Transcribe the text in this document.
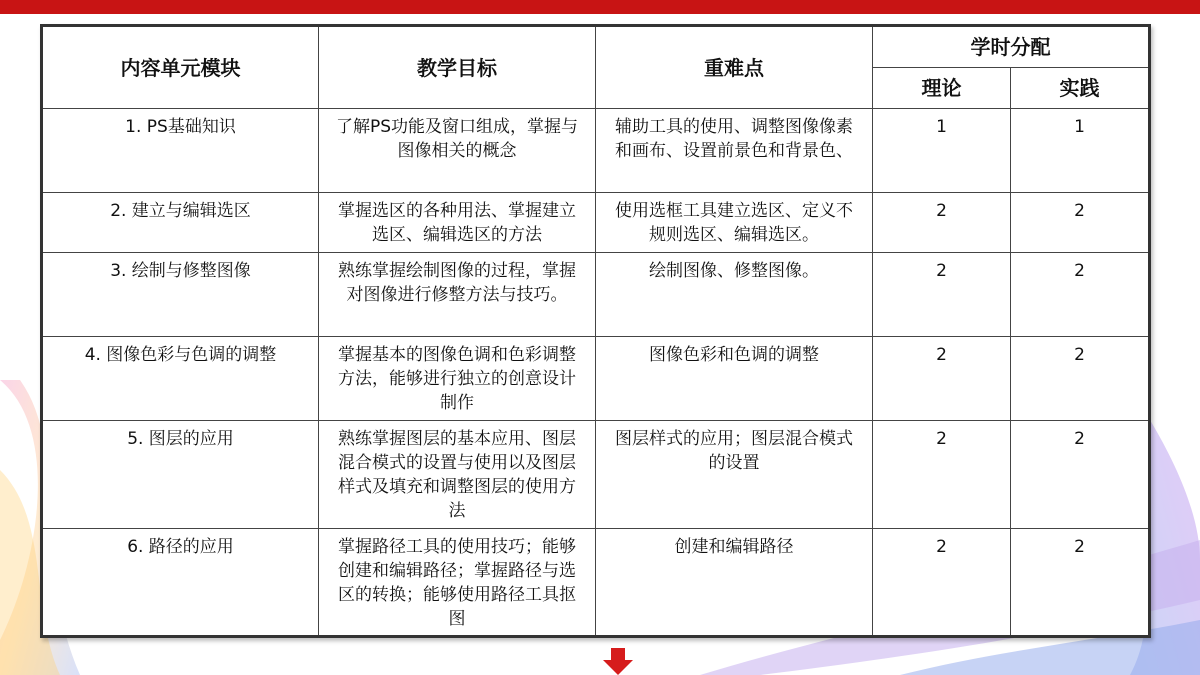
内容单元模块	教学目标	重难点	学时分配	
			理论	实践
1. PS基础知识	了解PS功能及窗口组成，掌握与图像相关的概念	辅助工具的使用、调整图像像素和画布、设置前景色和背景色、	1	1
2. 建立与编辑选区	掌握选区的各种用法、掌握建立选区、编辑选区的方法	使用选框工具建立选区、定义不规则选区、编辑选区。	2	2
3. 绘制与修整图像	熟练掌握绘制图像的过程，掌握对图像进行修整方法与技巧。	绘制图像、修整图像。	2	2
4. 图像色彩与色调的调整	掌握基本的图像色调和色彩调整方法，能够进行独立的创意设计制作	图像色彩和色调的调整	2	2
5. 图层的应用	熟练掌握图层的基本应用、图层混合模式的设置与使用以及图层样式及填充和调整图层的使用方法	图层样式的应用；图层混合模式的设置	2	2
6. 路径的应用	掌握路径工具的使用技巧；能够创建和编辑路径；掌握路径与选区的转换；能够使用路径工具抠图	创建和编辑路径	2	2
